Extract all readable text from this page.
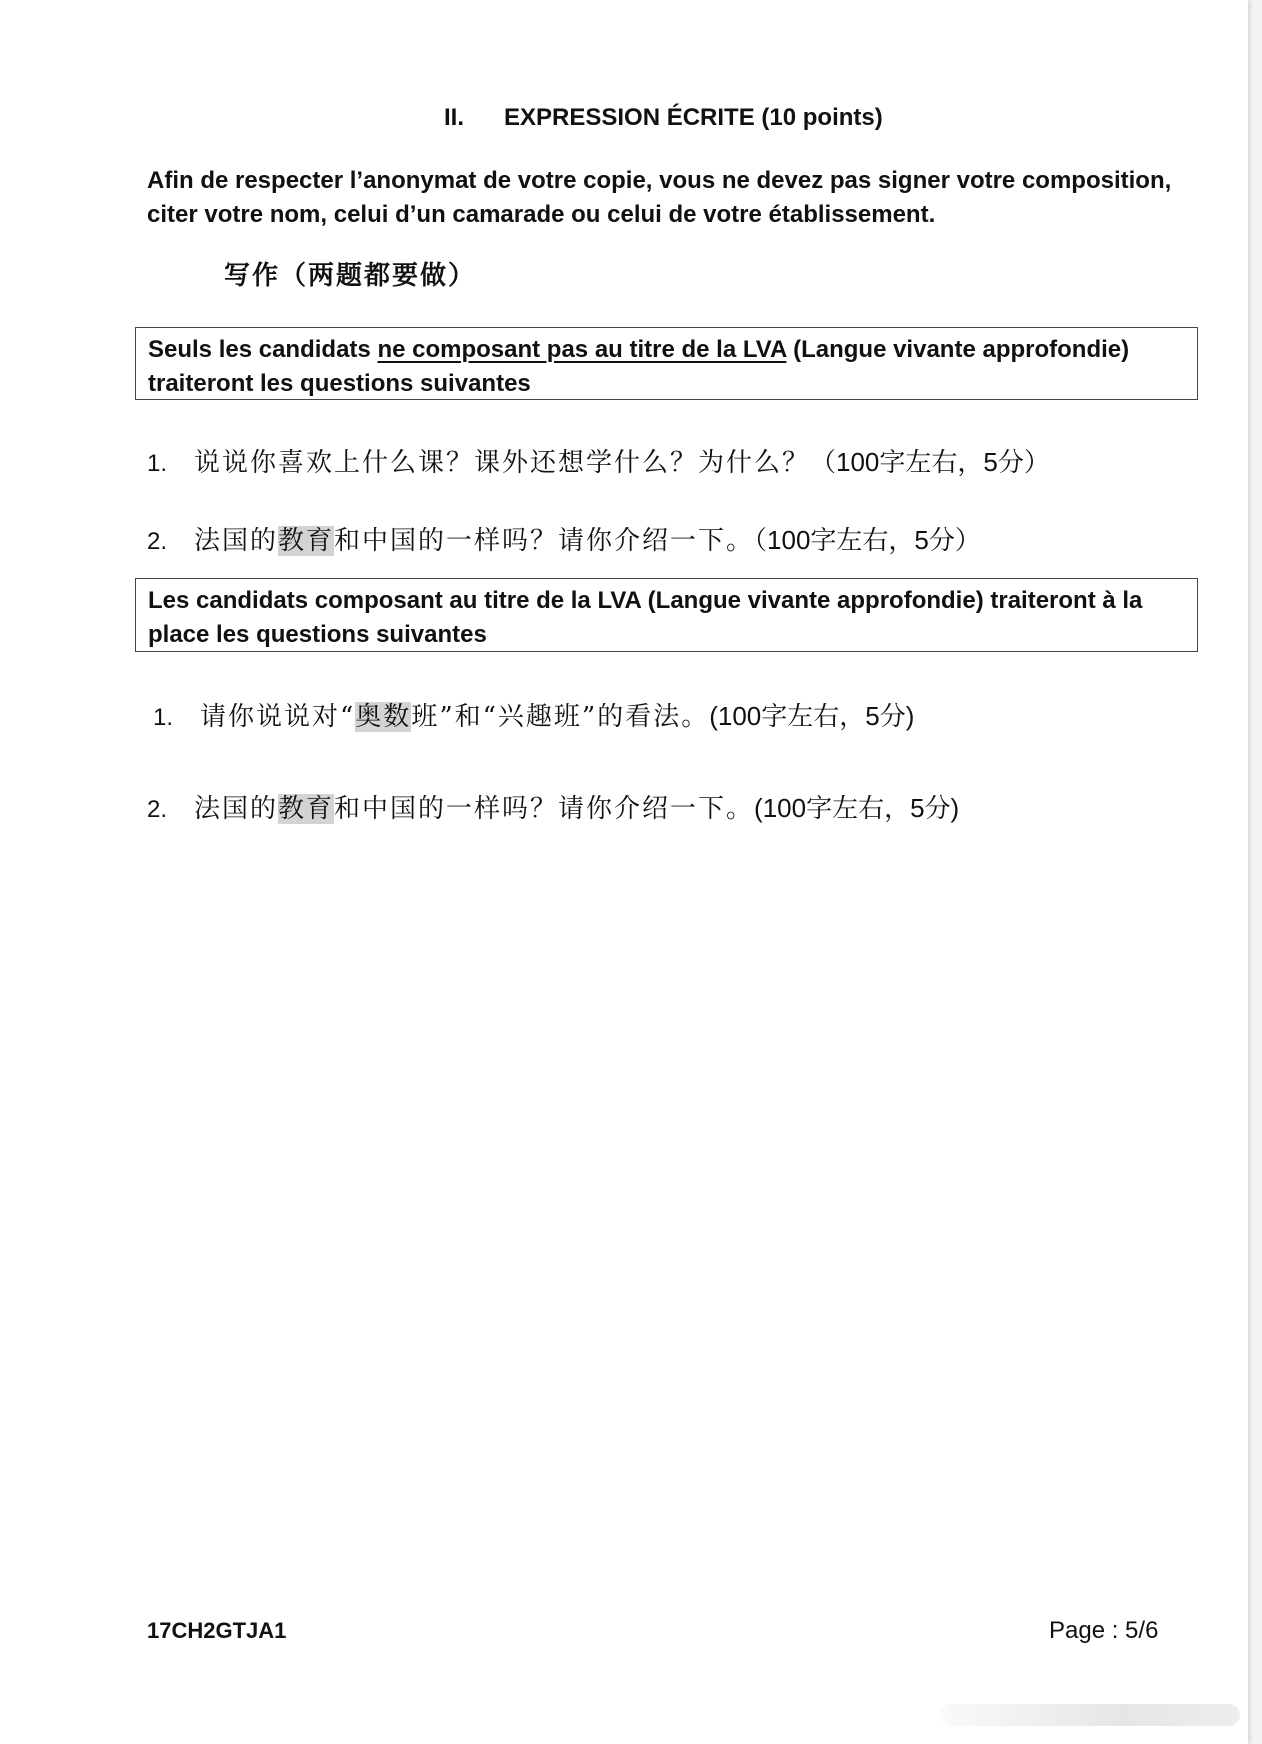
II. EXPRESSION ÉCRITE (10 points)

Afin de respecter l’anonymat de votre copie, vous ne devez pas signer votre composition, citer votre nom, celui d’un camarade ou celui de votre établissement.

写作（两题都要做）

Seuls les candidats ne composant pas au titre de la LVA (Langue vivante approfondie) traiteront les questions suivantes

1. 说说你喜欢上什么课？课外还想学什么？为什么？（100字左右，5分）
2. 法国的教育和中国的一样吗？请你介绍一下。（100字左右，5分）

Les candidats composant au titre de la LVA (Langue vivante approfondie) traiteront à la place les questions suivantes

1. 请你说说对“奥数班”和“兴趣班”的看法。(100字左右，5分)
2. 法国的教育和中国的一样吗？请你介绍一下。(100字左右，5分)
17CH2GTJA1	Page : 5/6
